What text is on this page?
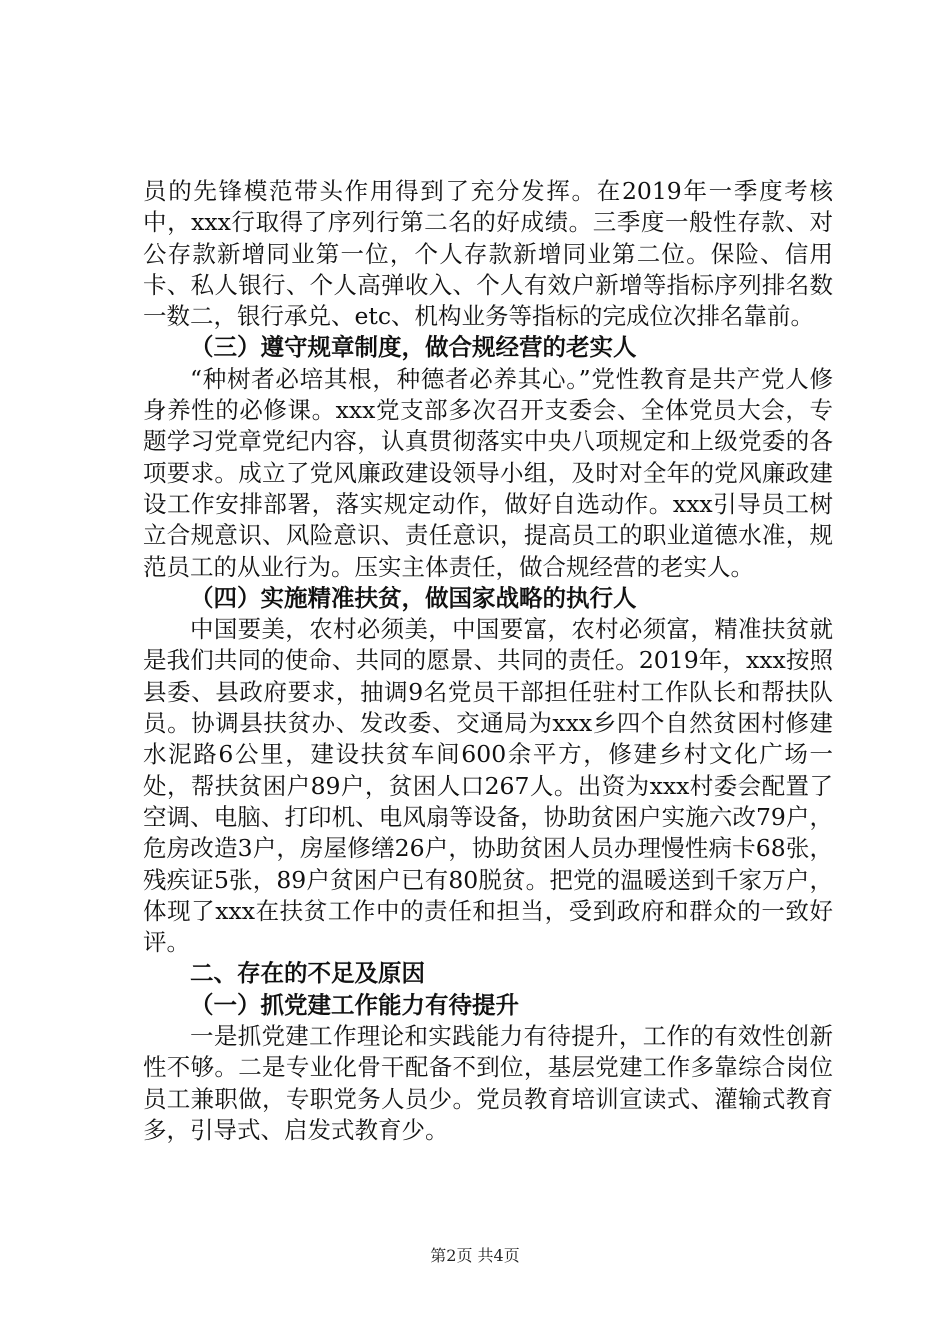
员的先锋模范带头作用得到了充分发挥。在2019年一季度考核中，xxx行取得了序列行第二名的好成绩。三季度一般性存款、对公存款新增同业第一位，个人存款新增同业第二位。保险、信用卡、私人银行、个人高弹收入、个人有效户新增等指标序列排名数一数二，银行承兑、etc、机构业务等指标的完成位次排名靠前。

（三）遵守规章制度，做合规经营的老实人

“种树者必培其根，种德者必养其心。”党性教育是共产党人修身养性的必修课。xxx党支部多次召开支委会、全体党员大会，专题学习党章党纪内容，认真贯彻落实中央八项规定和上级党委的各项要求。成立了党风廉政建设领导小组，及时对全年的党风廉政建设工作安排部署，落实规定动作，做好自选动作。xxx引导员工树立合规意识、风险意识、责任意识，提高员工的职业道德水准，规范员工的从业行为。压实主体责任，做合规经营的老实人。

（四）实施精准扶贫，做国家战略的执行人

中国要美，农村必须美，中国要富，农村必须富，精准扶贫就是我们共同的使命、共同的愿景、共同的责任。2019年，xxx按照县委、县政府要求，抽调9名党员干部担任驻村工作队长和帮扶队员。协调县扶贫办、发改委、交通局为xxx乡四个自然贫困村修建水泥路6公里，建设扶贫车间600余平方，修建乡村文化广场一处，帮扶贫困户89户，贫困人口267人。出资为xxx村委会配置了空调、电脑、打印机、电风扇等设备，协助贫困户实施六改79户，危房改造3户，房屋修缮26户，协助贫困人员办理慢性病卡68张，残疾证5张，89户贫困户已有80脱贫。把党的温暖送到千家万户，体现了xxx在扶贫工作中的责任和担当，受到政府和群众的一致好评。

二、存在的不足及原因

（一）抓党建工作能力有待提升

一是抓党建工作理论和实践能力有待提升，工作的有效性创新性不够。二是专业化骨干配备不到位，基层党建工作多靠综合岗位员工兼职做，专职党务人员少。党员教育培训宣读式、灌输式教育多，引导式、启发式教育少。

第2页 共4页
